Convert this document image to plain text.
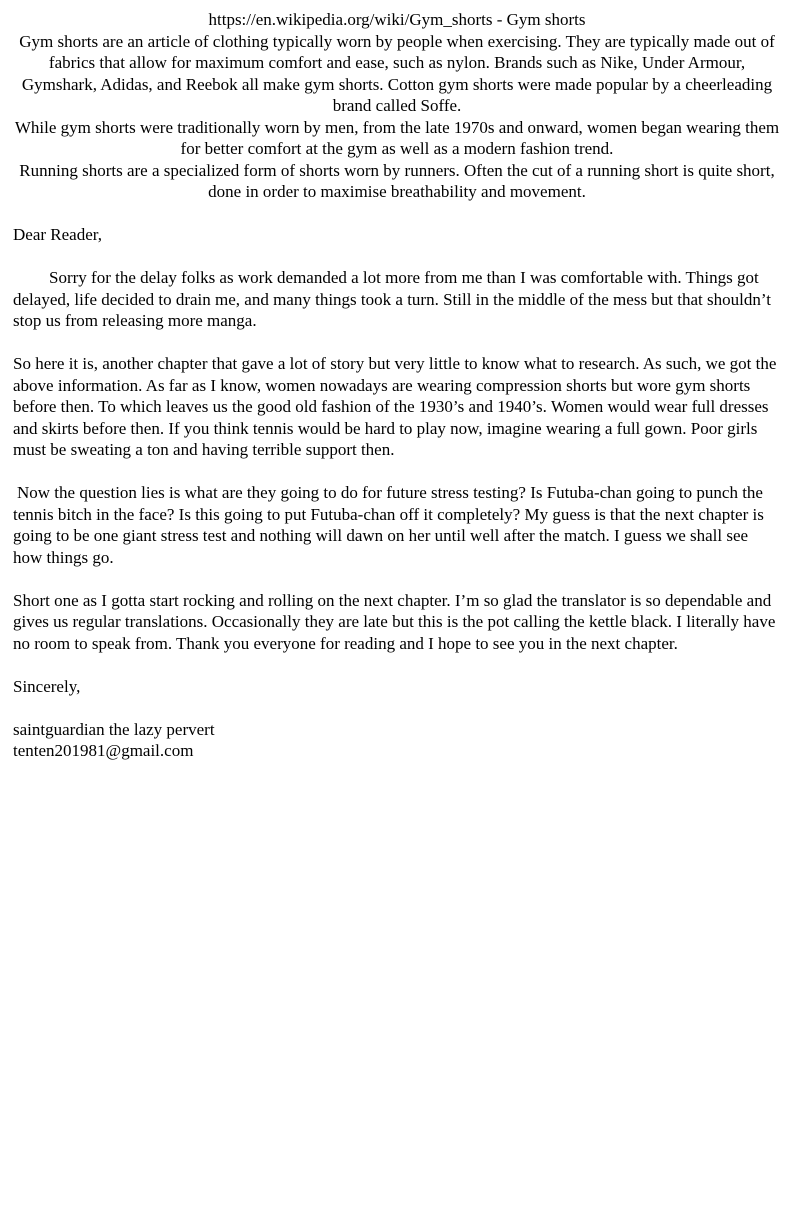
https://en.wikipedia.org/wiki/Gym_shorts - Gym shorts

Gym shorts are an article of clothing typically worn by people when exercising. They are typically made out of fabrics that allow for maximum comfort and ease, such as nylon. Brands such as Nike, Under Armour, Gymshark, Adidas, and Reebok all make gym shorts. Cotton gym shorts were made popular by a cheerleading brand called Soffe.

While gym shorts were traditionally worn by men, from the late 1970s and onward, women began wearing them for better comfort at the gym as well as a modern fashion trend.

Running shorts are a specialized form of shorts worn by runners. Often the cut of a running short is quite short, done in order to maximise breathability and movement.

Dear Reader,

Sorry for the delay folks as work demanded a lot more from me than I was comfortable with. Things got delayed, life decided to drain me, and many things took a turn. Still in the middle of the mess but that shouldn’t stop us from releasing more manga.

So here it is, another chapter that gave a lot of story but very little to know what to research. As such, we got the above information. As far as I know, women nowadays are wearing compression shorts but wore gym shorts before then. To which leaves us the good old fashion of the 1930’s and 1940’s. Women would wear full dresses and skirts before then. If you think tennis would be hard to play now, imagine wearing a full gown. Poor girls must be sweating a ton and having terrible support then.

Now the question lies is what are they going to do for future stress testing? Is Futuba-chan going to punch the tennis bitch in the face? Is this going to put Futuba-chan off it completely? My guess is that the next chapter is going to be one giant stress test and nothing will dawn on her until well after the match. I guess we shall see how things go.

Short one as I gotta start rocking and rolling on the next chapter. I’m so glad the translator is so dependable and gives us regular translations. Occasionally they are late but this is the pot calling the kettle black. I literally have no room to speak from. Thank you everyone for reading and I hope to see you in the next chapter.

Sincerely,

saintguardian the lazy pervert

tenten201981@gmail.com
